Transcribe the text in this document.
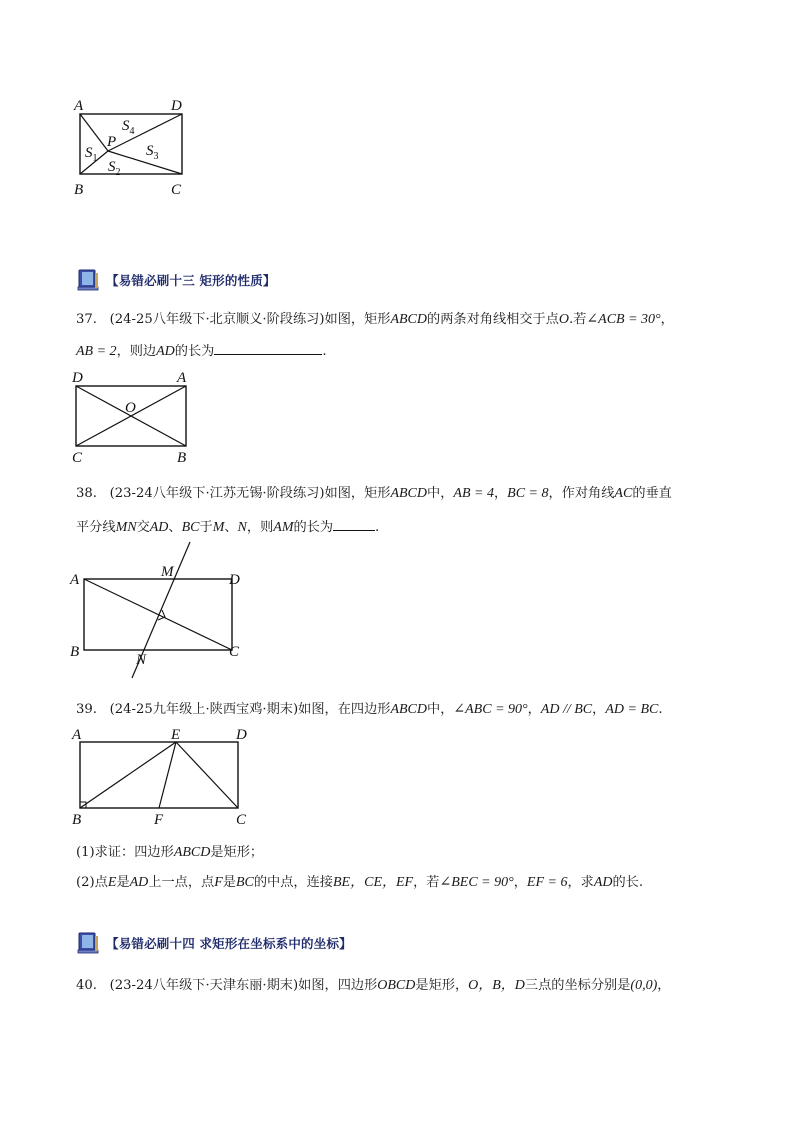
A	D
B	C
P
$S_4$
$S_1$	$S_3$
$S_2$
【易错必刷十三 矩形的性质】
37. (24-25八年级下·北京顺义·阶段练习)如图，矩形ABCD的两条对角线相交于点O.若∠ACB = 30°，
AB = 2，则边AD的长为	.
D	A
O
C	B
38. (23-24八年级下·江苏无锡·阶段练习)如图，矩形ABCD中，AB = 4，BC = 8，作对角线AC的垂直
平分线MN交AD、BC于M、N，则AM的长为	.
A	M	D
B	N	C
39. (24-25九年级上·陕西宝鸡·期末)如图，在四边形ABCD中，∠ABC = 90°，AD // BC，AD = BC.
A	E	D
B	F	C
(1)求证：四边形ABCD是矩形；
(2)点E是AD上一点，点F是BC的中点，连接BE，CE，EF，若∠BEC = 90°，EF = 6，求AD的长.
【易错必刷十四 求矩形在坐标系中的坐标】
40. (23-24八年级下·天津东丽·期末)如图，四边形OBCD是矩形，O，B，D三点的坐标分别是(0,0)，
